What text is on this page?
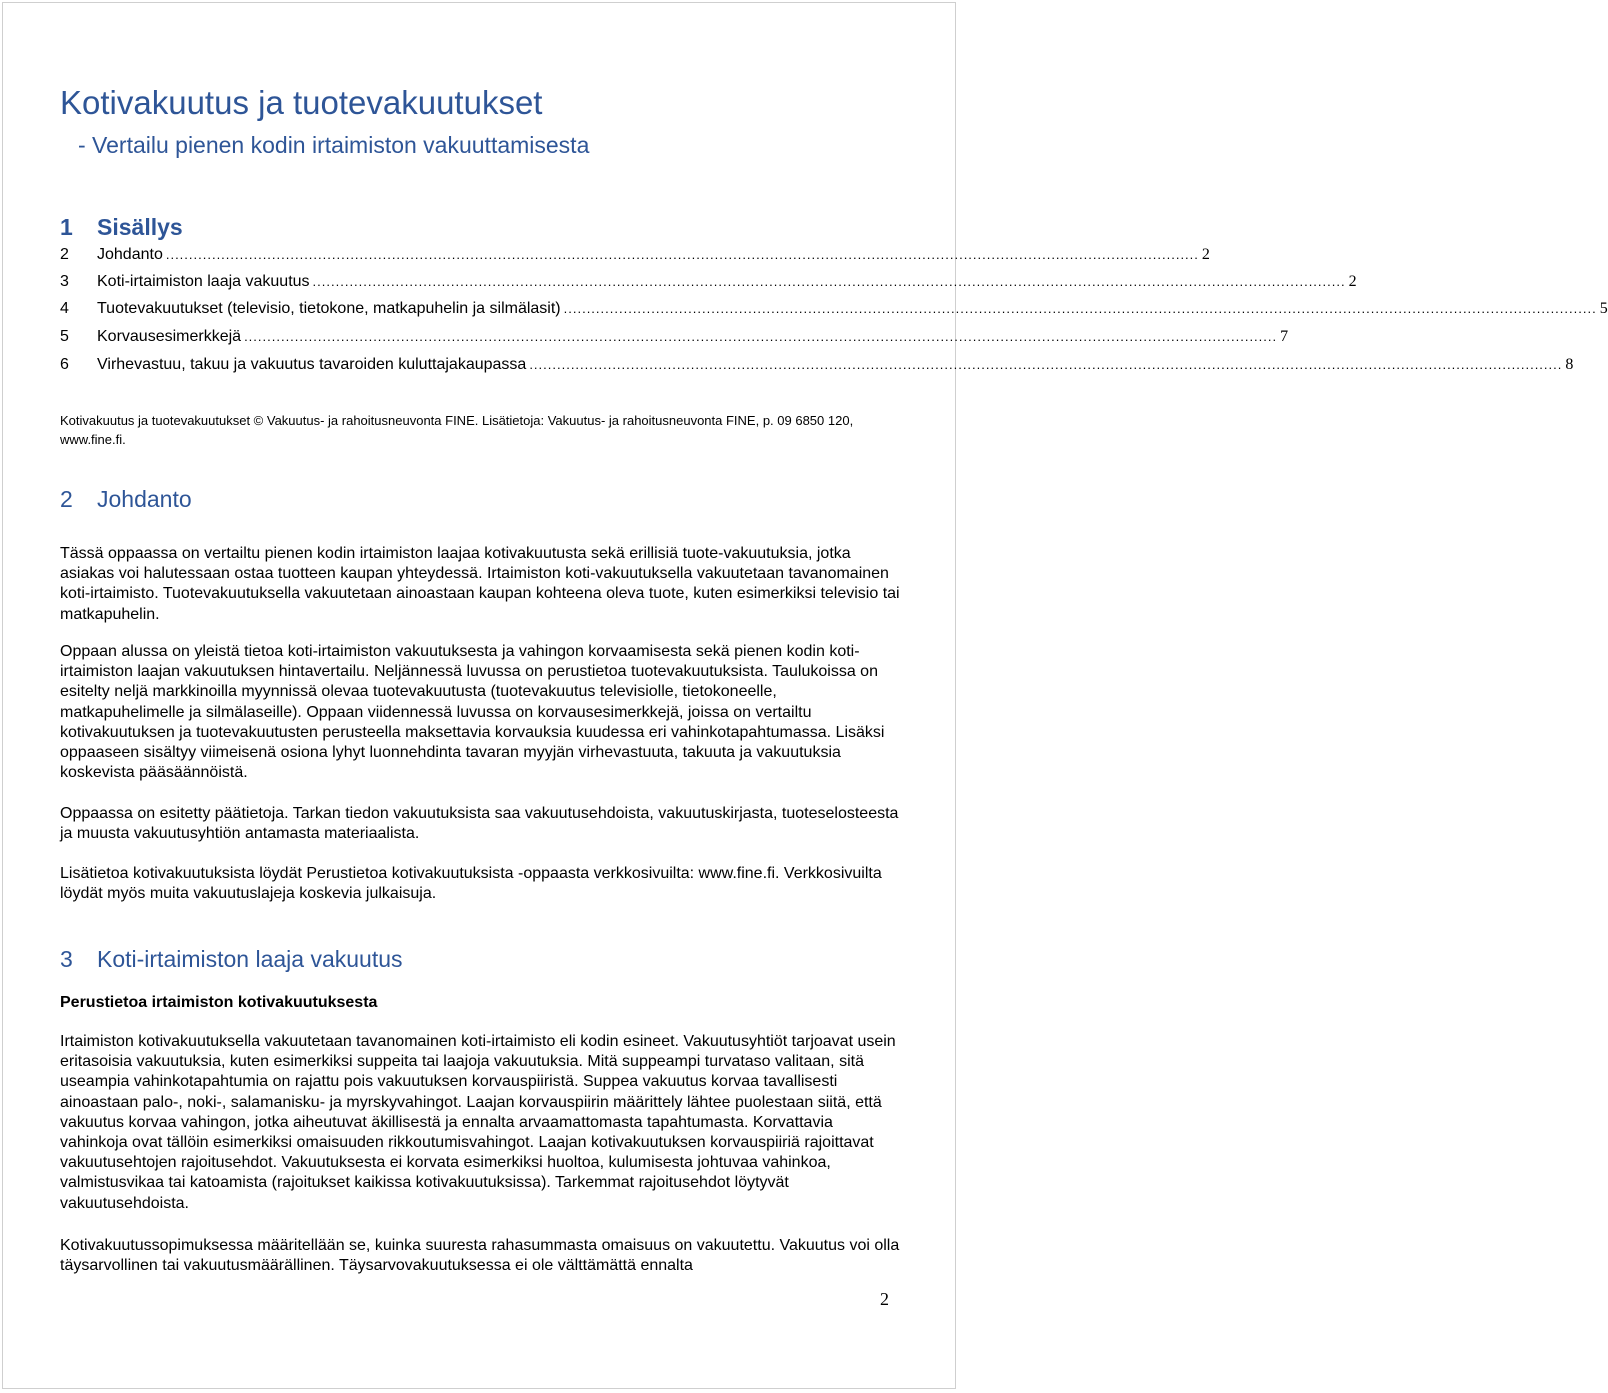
Kotivakuutus ja tuotevakuutukset
- Vertailu pienen kodin irtaimiston vakuuttamisesta
1 Sisällys
2	Johdanto ................................................................................................................................................................................................................................ 2
3	Koti-irtaimiston laaja vakuutus ................................................................................................................................................................................................................................ 2
4	Tuotevakuutukset (televisio, tietokone, matkapuhelin ja silmälasit) ................................................................................................................................................................................................................................ 5
5	Korvausesimerkkejä ................................................................................................................................................................................................................................ 7
6	Virhevastuu, takuu ja vakuutus tavaroiden kuluttajakaupassa ................................................................................................................................................................................................................................ 8

Kotivakuutus ja tuotevakuutukset © Vakuutus- ja rahoitusneuvonta FINE. Lisätietoja: Vakuutus- ja rahoitusneuvonta FINE, p. 09 6850 120, www.fine.fi.

2 Johdanto

Tässä oppaassa on vertailtu pienen kodin irtaimiston laajaa kotivakuutusta sekä erillisiä tuote-vakuutuksia, jotka asiakas voi halutessaan ostaa tuotteen kaupan yhteydessä. Irtaimiston koti-vakuutuksella vakuutetaan tavanomainen koti-irtaimisto. Tuotevakuutuksella vakuutetaan ainoastaan kaupan kohteena oleva tuote, kuten esimerkiksi televisio tai matkapuhelin.

Oppaan alussa on yleistä tietoa koti-irtaimiston vakuutuksesta ja vahingon korvaamisesta sekä pienen kodin koti-irtaimiston laajan vakuutuksen hintavertailu. Neljännessä luvussa on perustietoa tuotevakuutuksista. Taulukoissa on esitelty neljä markkinoilla myynnissä olevaa tuotevakuutusta (tuotevakuutus televisiolle, tietokoneelle, matkapuhelimelle ja silmälaseille). Oppaan viidennessä luvussa on korvausesimerkkejä, joissa on vertailtu kotivakuutuksen ja tuotevakuutusten perusteella maksettavia korvauksia kuudessa eri vahinkotapahtumassa. Lisäksi oppaaseen sisältyy viimeisenä osiona lyhyt luonnehdinta tavaran myyjän virhevastuuta, takuuta ja vakuutuksia koskevista pääsäännöistä.

Oppaassa on esitetty päätietoja. Tarkan tiedon vakuutuksista saa vakuutusehdoista, vakuutuskirjasta, tuoteselosteesta ja muusta vakuutusyhtiön antamasta materiaalista.

Lisätietoa kotivakuutuksista löydät Perustietoa kotivakuutuksista -oppaasta verkkosivuilta: www.fine.fi. Verkkosivuilta löydät myös muita vakuutuslajeja koskevia julkaisuja.

3 Koti-irtaimiston laaja vakuutus
Perustietoa irtaimiston kotivakuutuksesta

Irtaimiston kotivakuutuksella vakuutetaan tavanomainen koti-irtaimisto eli kodin esineet. Vakuutusyhtiöt tarjoavat usein eritasoisia vakuutuksia, kuten esimerkiksi suppeita tai laajoja vakuutuksia. Mitä suppeampi turvataso valitaan, sitä useampia vahinkotapahtumia on rajattu pois vakuutuksen korvauspiiristä. Suppea vakuutus korvaa tavallisesti ainoastaan palo-, noki-, salamanisku- ja myrskyvahingot. Laajan korvauspiirin määrittely lähtee puolestaan siitä, että vakuutus korvaa vahingon, jotka aiheutuvat äkillisestä ja ennalta arvaamattomasta tapahtumasta. Korvattavia vahinkoja ovat tällöin esimerkiksi omaisuuden rikkoutumisvahingot. Laajan kotivakuutuksen korvauspiiriä rajoittavat vakuutusehtojen rajoitusehdot. Vakuutuksesta ei korvata esimerkiksi huoltoa, kulumisesta johtuvaa vahinkoa, valmistusvikaa tai katoamista (rajoitukset kaikissa kotivakuutuksissa). Tarkemmat rajoitusehdot löytyvät vakuutusehdoista.

Kotivakuutussopimuksessa määritellään se, kuinka suuresta rahasummasta omaisuus on vakuutettu. Vakuutus voi olla täysarvollinen tai vakuutusmäärällinen. Täysarvovakuutuksessa ei ole välttämättä ennalta

2
